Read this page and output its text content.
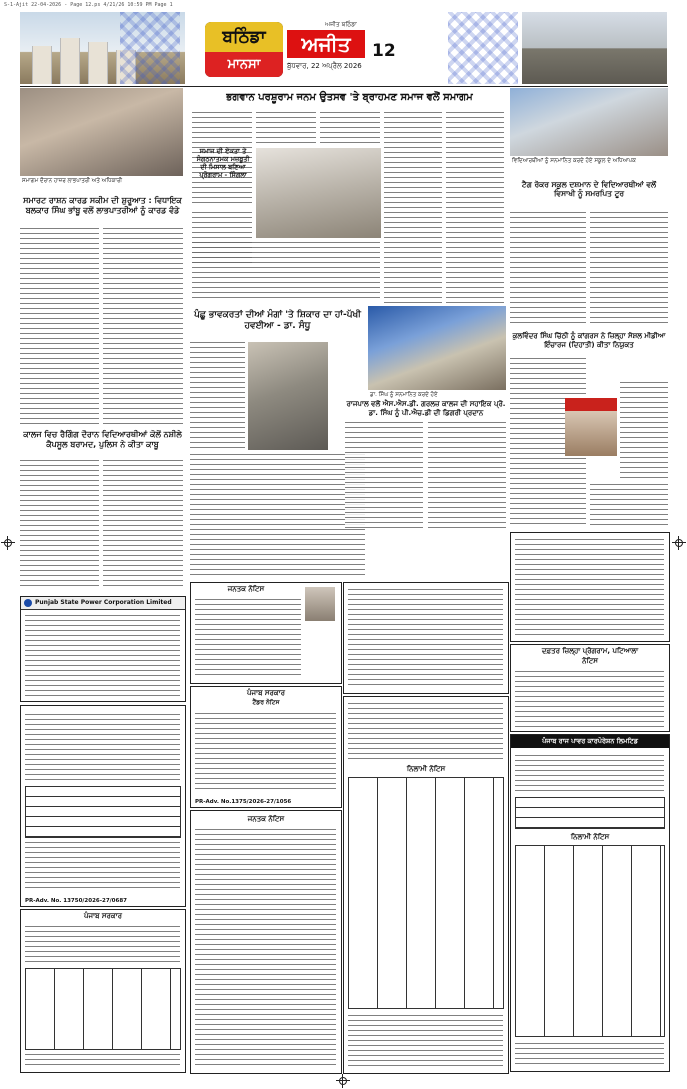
S-1-Ajit 22-04-2026 - Page 12.ps 4/21/26 10:59 PM Page 1
ਬਠਿੰਡਾ
ਮਾਨਸਾ
ਅਜੀਤ ਬਠਿੰਡਾ
ਅਜੀਤ
ਬੁੱਧਵਾਰ, 22 ਅਪ੍ਰੈਲ 2026
12
ਸਮਾਗਮ ਦੌਰਾਨ ਹਾਜ਼ਰ ਲਾਭਪਾਤਰੀ ਅਤੇ ਅਧਿਕਾਰੀ
ਸਮਾਰਟ ਰਾਸ਼ਨ ਕਾਰਡ ਸਕੀਮ ਦੀ ਸ਼ੁਰੂਆਤ : ਵਿਧਾਇਕ ਬਲਕਾਰ ਸਿੰਘ ਭਾਂਬੂ ਵਲੋਂ ਲਾਭਪਾਤਰੀਆਂ ਨੂੰ ਕਾਰਡ ਵੰਡੇ
ਕਾਲਜ ਵਿਚ ਰੈਗਿੰਗ ਦੌਰਾਨ ਵਿਦਿਆਰਥੀਆਂ ਕੋਲੋਂ ਨਸ਼ੀਲੇ ਕੈਪਸੂਲ ਬਰਾਮਦ, ਪੁਲਿਸ ਨੇ ਕੀਤਾ ਕਾਬੂ
Punjab State Power Corporation Limited
PR-Adv. No. 13750/2026-27/0687
ਪੰਜਾਬ ਸਰਕਾਰ
ਭਗਵਾਨ ਪਰਸ਼ੂਰਾਮ ਜਨਮ ਉਤਸਵ 'ਤੇ ਬ੍ਰਾਹਮਣ ਸਮਾਜ ਵਲੋਂ ਸਮਾਗਮ
ਸਮਾਜ ਦੀ ਏਕਤਾ ਤੇ ਸੰਗਠਨਾਤਮਕ ਮਜ਼ਬੂਤੀ ਦੀ ਮਿਸਾਲ ਬਣਿਆ ਪ੍ਰੋਗਰਾਮ - ਸਿੰਗਲਾ
ਪੰਛੂ ਭਾਵਕਰਤਾਂ ਦੀਆਂ ਮੰਗਾਂ 'ਤੇ ਸ਼ਿਕਾਰ ਦਾ ਹਾਂ-ਪੱਖੀ ਹਵਈਆ - ਡਾ. ਸੰਧੂ
ਡਾ. ਸਿੰਘ ਨੂੰ ਸਨਮਾਨਿਤ ਕਰਦੇ ਹੋਏ
ਰਾਜਪਾਲ ਵਲੋਂ ਐਸ.ਐਸ.ਡੀ. ਗਰਲਜ਼ ਕਾਲਜ ਦੀ ਸਹਾਇਕ ਪ੍ਰੋ. ਡਾ. ਸਿੰਘ ਨੂੰ ਪੀ.ਐਚ.ਡੀ ਦੀ ਡਿਗਰੀ ਪ੍ਰਦਾਨ
ਜਨਤਕ ਨੋਟਿਸ
ਪੰਜਾਬ ਸਰਕਾਰ
ਟੈਂਡਰ ਨੋਟਿਸ
PR-Adv. No.1375/2026-27/1056
ਜਨਤਕ ਨੋਟਿਸ
ਨਿਲਾਮੀ ਨੋਟਿਸ
ਵਿਦਿਆਰਥੀਆਂ ਨੂੰ ਸਨਮਾਨਿਤ ਕਰਦੇ ਹੋਏ ਸਕੂਲ ਦੇ ਅਧਿਆਪਕ
ਟੈਗ ਰੋਕਰ ਸਕੂਲ ਦਸ਼ਮਾਨ ਦੇ ਵਿਦਿਆਰਥੀਆਂ ਵਲੋਂ ਵਿਸਾਖੀ ਨੂੰ ਸਮਰਪਿਤ ਟੂਰ
ਕੁਲਵਿੰਦਰ ਸਿੰਘ ਚਿੱਠੀ ਨੂੰ ਕਾਂਗਰਸ ਨੇ ਜ਼ਿਲ੍ਹਾ ਸੋਸ਼ਲ ਮੀਡੀਆ ਇੰਚਾਰਜ (ਦਿਹਾਤੀ) ਕੀਤਾ ਨਿਯੁਕਤ
ਦਫ਼ਤਰ ਜ਼ਿਲ੍ਹਾ ਪ੍ਰੋਗਰਾਮ, ਪਟਿਆਲਾ
ਨੋਟਿਸ
ਪੰਜਾਬ ਰਾਜ ਪਾਵਰ ਕਾਰਪੋਰੇਸ਼ਨ ਲਿਮਟਿਡ
ਨਿਲਾਮੀ ਨੋਟਿਸ
